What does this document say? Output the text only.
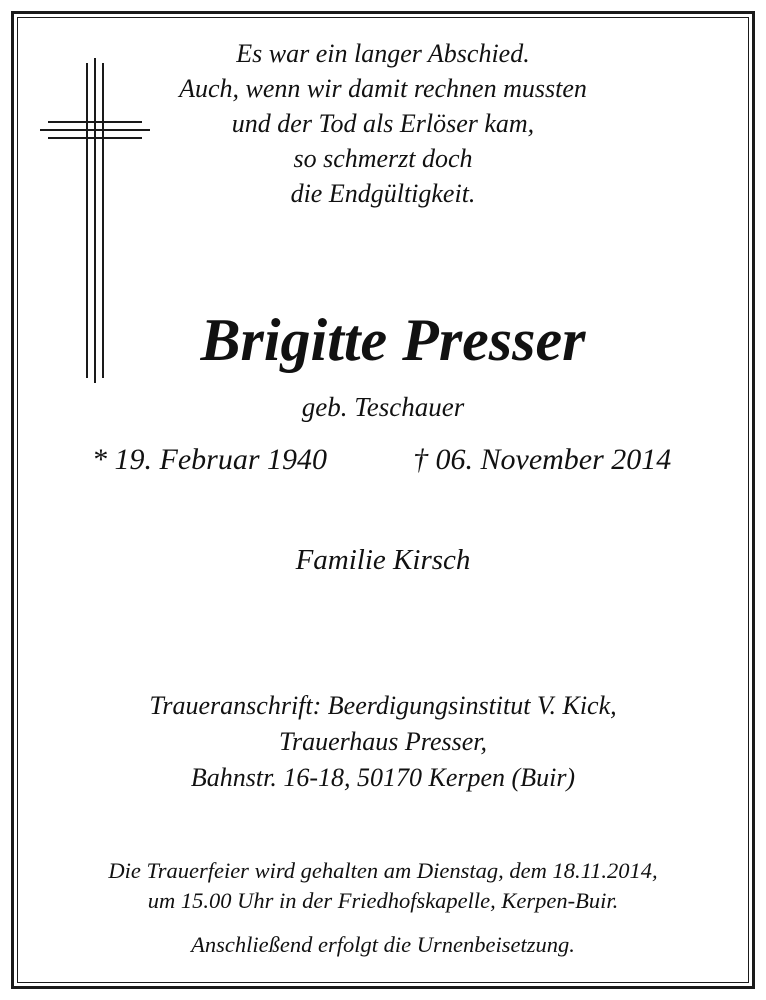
Es war ein langer Abschied.
Auch, wenn wir damit rechnen mussten
und der Tod als Erlöser kam,
so schmerzt doch
die Endgültigkeit.
Brigitte Presser
geb. Teschauer
* 19. Februar 1940	† 06. November 2014
Familie Kirsch
Traueranschrift: Beerdigungsinstitut V. Kick,
Trauerhaus Presser,
Bahnstr. 16-18, 50170 Kerpen (Buir)
Die Trauerfeier wird gehalten am Dienstag, dem 18.11.2014,
um 15.00 Uhr in der Friedhofskapelle, Kerpen-Buir.
Anschließend erfolgt die Urnenbeisetzung.
